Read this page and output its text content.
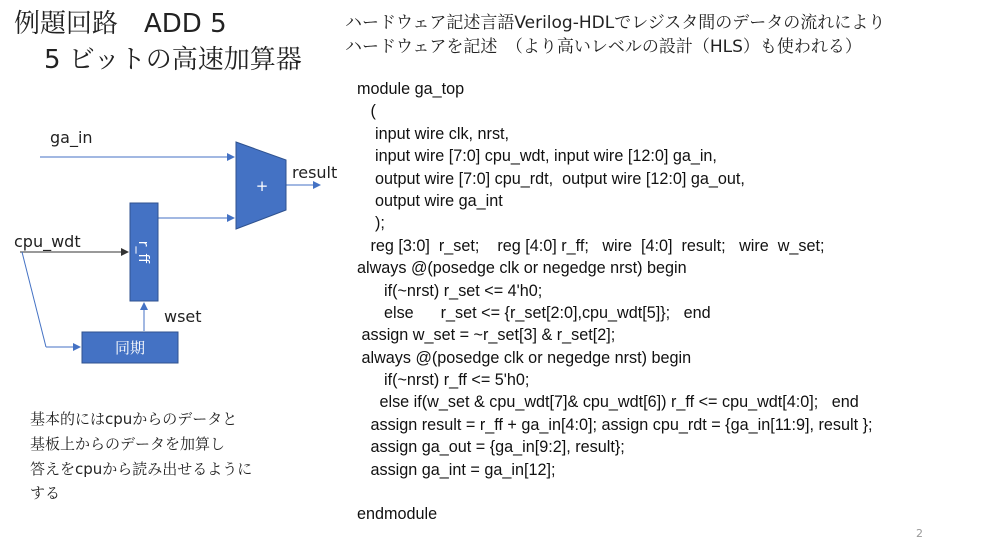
例題回路　ADD 5
5 ビットの高速加算器
ハードウェア記述言語Verilog-HDLでレジスタ間のデータの流れにより
ハードウェアを記述　（より高いレベルの設計（HLS）も使われる）
+
r_ff
同期
ga_in
result
cpu_wdt
wset
module ga_top
(
input wire clk, nrst,
input wire [7:0] cpu_wdt, input wire [12:0] ga_in,
output wire [7:0] cpu_rdt,  output wire [12:0] ga_out,
output wire ga_int
);
reg [3:0]  r_set;    reg [4:0] r_ff;   wire  [4:0]  result;   wire  w_set;
always @(posedge clk or negedge nrst) begin
if(~nrst) r_set <= 4'h0;
else      r_set <= {r_set[2:0],cpu_wdt[5]};   end
assign w_set = ~r_set[3] & r_set[2];
always @(posedge clk or negedge nrst) begin
if(~nrst) r_ff <= 5'h0;
else if(w_set & cpu_wdt[7]& cpu_wdt[6]) r_ff <= cpu_wdt[4:0];   end
assign result = r_ff + ga_in[4:0]; assign cpu_rdt = {ga_in[11:9], result };
assign ga_out = {ga_in[9:2], result};
assign ga_int = ga_in[12];
endmodule
基本的にはcpuからのデータと
基板上からのデータを加算し
答えをcpuから読み出せるように
する
2
